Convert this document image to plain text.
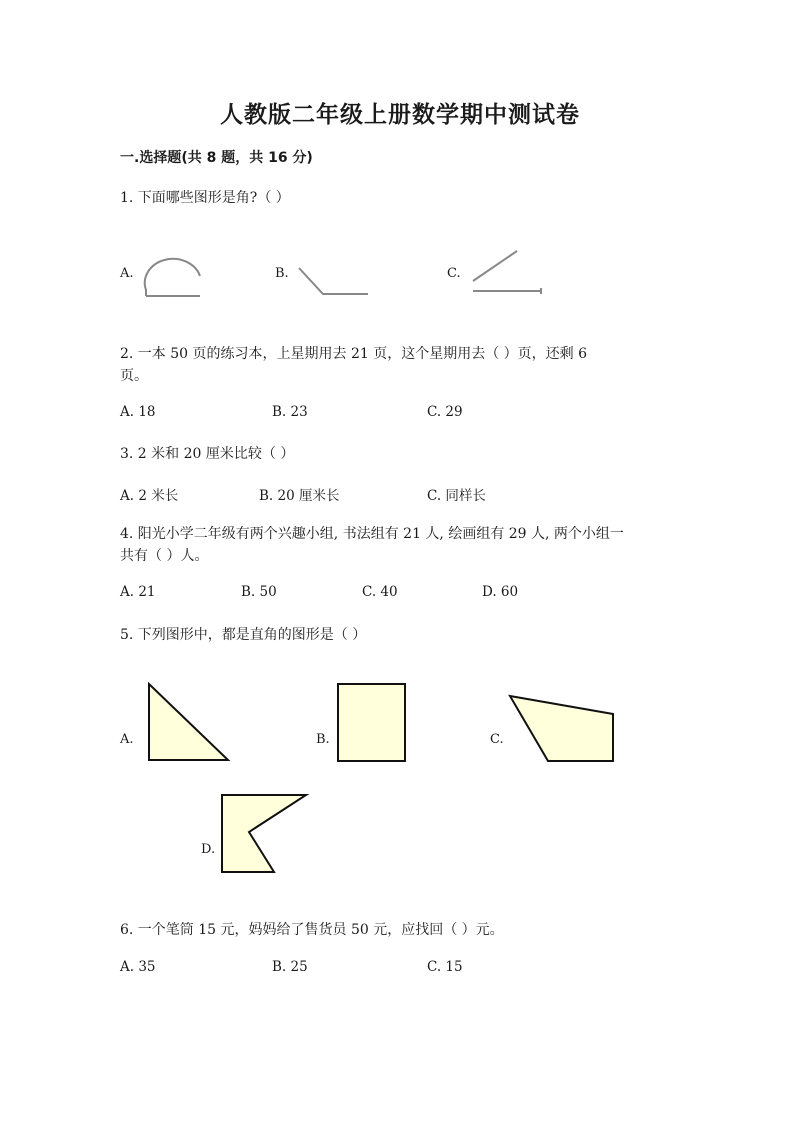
人教版二年级上册数学期中测试卷
一.选择题(共 8 题，共 16 分)
1. 下面哪些图形是角?（ ）
A.	B.	C.
2. 一本 50 页的练习本，上星期用去 21 页，这个星期用去（ ）页，还剩 6
页。
A. 18	B. 23	C. 29
3. 2 米和 20 厘米比较（ ）
A. 2 米长	B. 20 厘米长	C. 同样长
4. 阳光小学二年级有两个兴趣小组, 书法组有 21 人, 绘画组有 29 人, 两个小组一
共有（ ）人。
A. 21	B. 50	C. 40	D. 60
5. 下列图形中，都是直角的图形是（ ）
A.	B.	C.
D.
6. 一个笔筒 15 元，妈妈给了售货员 50 元，应找回（ ）元。
A. 35	B. 25	C. 15
